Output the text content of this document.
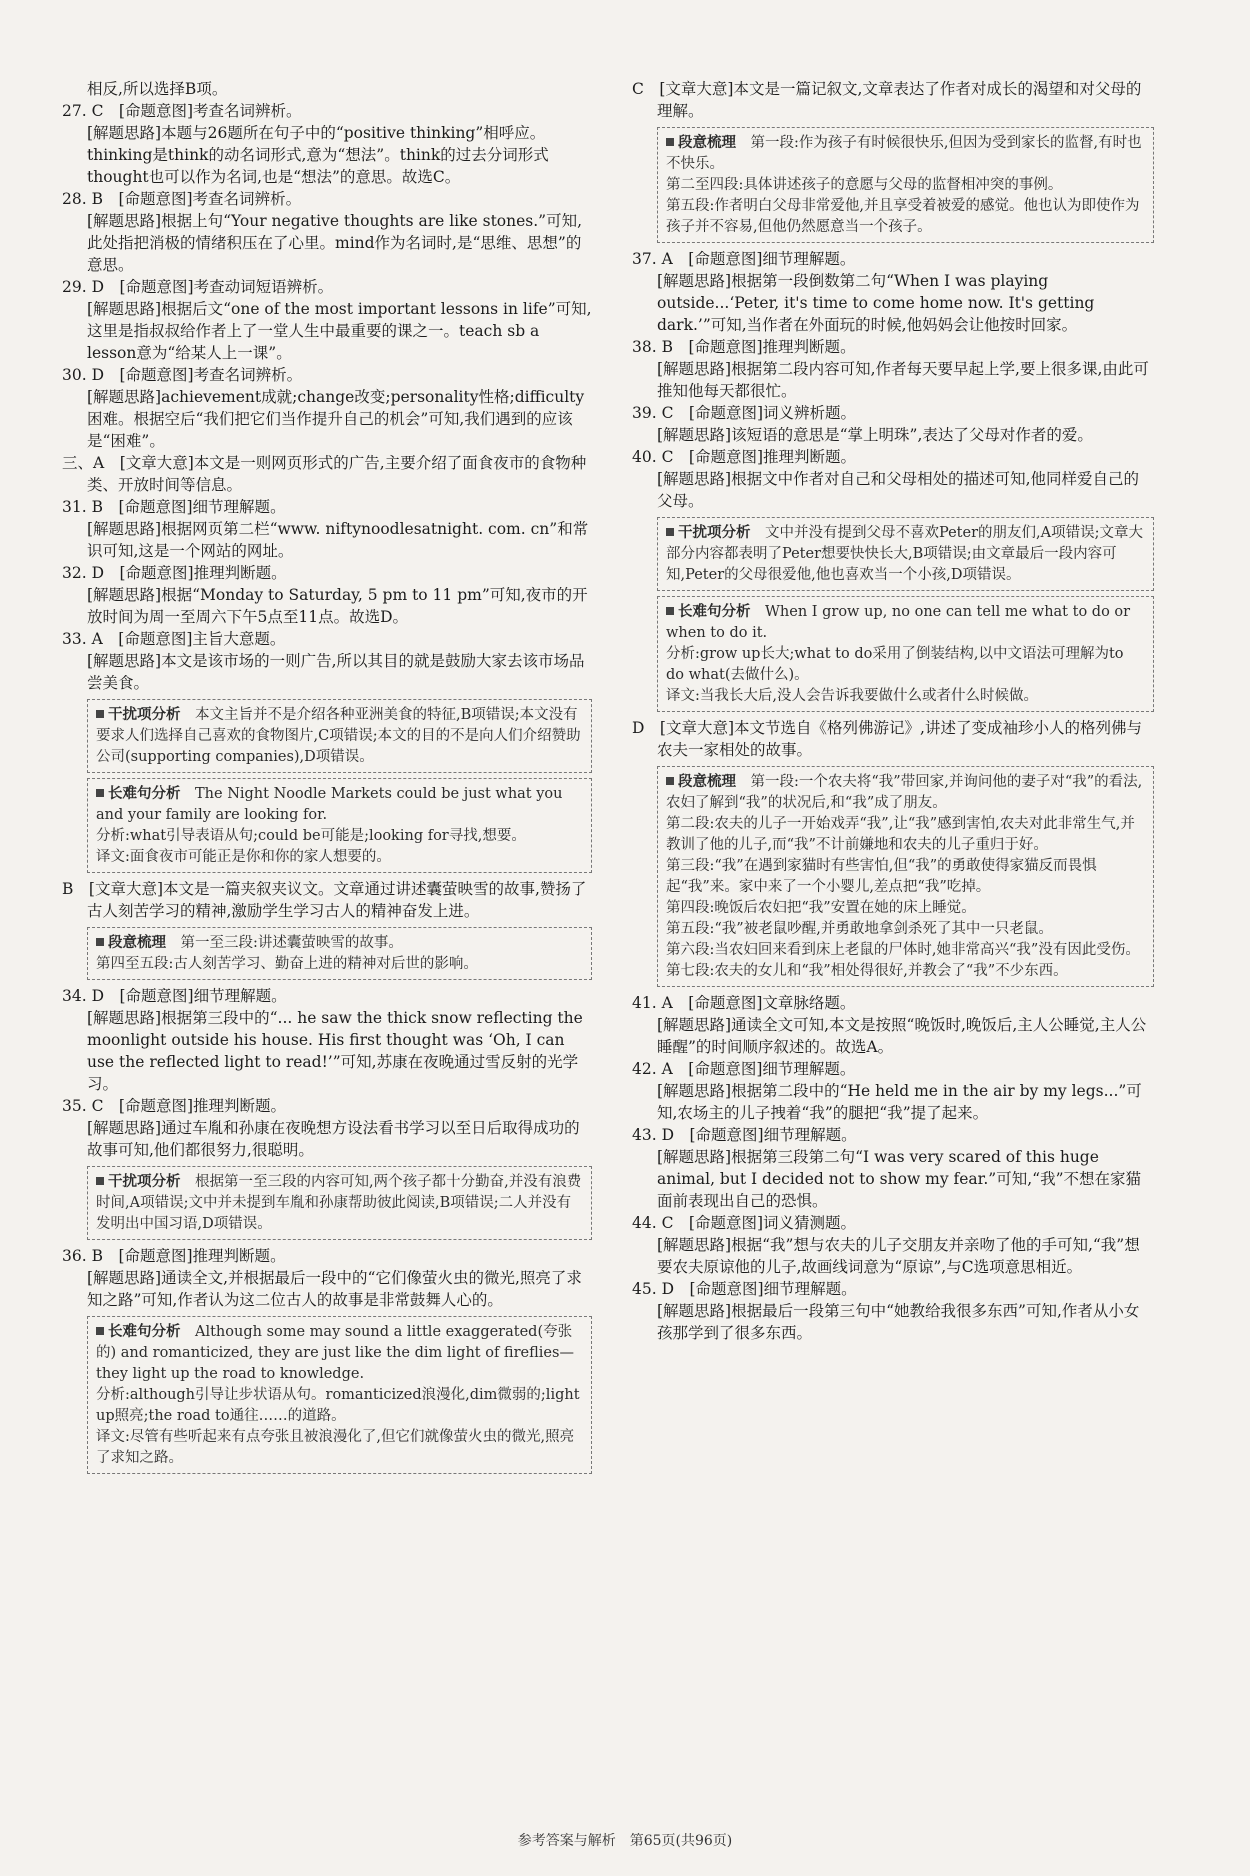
相反,所以选择B项。

27. C　[命题意图]考查名词辨析。

[解题思路]本题与26题所在句子中的“positive thinking”相呼应。thinking是think的动名词形式,意为“想法”。think的过去分词形式thought也可以作为名词,也是“想法”的意思。故选C。

28. B　[命题意图]考查名词辨析。

[解题思路]根据上句“Your negative thoughts are like stones.”可知,此处指把消极的情绪积压在了心里。mind作为名词时,是“思维、思想”的意思。

29. D　[命题意图]考查动词短语辨析。

[解题思路]根据后文“one of the most important lessons in life”可知,这里是指叔叔给作者上了一堂人生中最重要的课之一。teach sb a lesson意为“给某人上一课”。

30. D　[命题意图]考查名词辨析。

[解题思路]achievement成就;change改变;personality性格;difficulty困难。根据空后“我们把它们当作提升自己的机会”可知,我们遇到的应该是“困难”。

三、A　[文章大意]本文是一则网页形式的广告,主要介绍了面食夜市的食物种类、开放时间等信息。

31. B　[命题意图]细节理解题。

[解题思路]根据网页第二栏“www. niftynoodlesatnight. com. cn”和常识可知,这是一个网站的网址。

32. D　[命题意图]推理判断题。

[解题思路]根据“Monday to Saturday, 5 pm to 11 pm”可知,夜市的开放时间为周一至周六下午5点至11点。故选D。

33. A　[命题意图]主旨大意题。

[解题思路]本文是该市场的一则广告,所以其目的就是鼓励大家去该市场品尝美食。

干扰项分析　 本文主旨并不是介绍各种亚洲美食的特征,B项错误;本文没有要求人们选择自己喜欢的食物图片,C项错误;本文的目的不是向人们介绍赞助公司(supporting companies),D项错误。

长难句分析　 The Night Noodle Markets could be just what you and your family are looking for.

分析:what引导表语从句;could be可能是;looking for寻找,想要。

译文:面食夜市可能正是你和你的家人想要的。

B　[文章大意]本文是一篇夹叙夹议文。文章通过讲述囊萤映雪的故事,赞扬了古人刻苦学习的精神,激励学生学习古人的精神奋发上进。

段意梳理　 第一至三段:讲述囊萤映雪的故事。

第四至五段:古人刻苦学习、勤奋上进的精神对后世的影响。

34. D　[命题意图]细节理解题。

[解题思路]根据第三段中的“... he saw the thick snow reflecting the moonlight outside his house. His first thought was ‘Oh, I can use the reflected light to read!’”可知,苏康在夜晚通过雪反射的光学习。

35. C　[命题意图]推理判断题。

[解题思路]通过车胤和孙康在夜晚想方设法看书学习以至日后取得成功的故事可知,他们都很努力,很聪明。

干扰项分析　 根据第一至三段的内容可知,两个孩子都十分勤奋,并没有浪费时间,A项错误;文中并未提到车胤和孙康帮助彼此阅读,B项错误;二人并没有发明出中国习语,D项错误。

36. B　[命题意图]推理判断题。

[解题思路]通读全文,并根据最后一段中的“它们像萤火虫的微光,照亮了求知之路”可知,作者认为这二位古人的故事是非常鼓舞人心的。

长难句分析　 Although some may sound a little exaggerated(夸张的) and romanticized, they are just like the dim light of fireflies—they light up the road to knowledge.

分析:although引导让步状语从句。romanticized浪漫化,dim微弱的;light up照亮;the road to通往……的道路。

译文:尽管有些听起来有点夸张且被浪漫化了,但它们就像萤火虫的微光,照亮了求知之路。

C　[文章大意]本文是一篇记叙文,文章表达了作者对成长的渴望和对父母的理解。

段意梳理　 第一段:作为孩子有时候很快乐,但因为受到家长的监督,有时也不快乐。

第二至四段:具体讲述孩子的意愿与父母的监督相冲突的事例。

第五段:作者明白父母非常爱他,并且享受着被爱的感觉。他也认为即使作为孩子并不容易,但他仍然愿意当一个孩子。

37. A　[命题意图]细节理解题。

[解题思路]根据第一段倒数第二句“When I was playing outside...‘Peter, it's time to come home now. It's getting dark.’”可知,当作者在外面玩的时候,他妈妈会让他按时回家。

38. B　[命题意图]推理判断题。

[解题思路]根据第二段内容可知,作者每天要早起上学,要上很多课,由此可推知他每天都很忙。

39. C　[命题意图]词义辨析题。

[解题思路]该短语的意思是“掌上明珠”,表达了父母对作者的爱。

40. C　[命题意图]推理判断题。

[解题思路]根据文中作者对自己和父母相处的描述可知,他同样爱自己的父母。

干扰项分析　 文中并没有提到父母不喜欢Peter的朋友们,A项错误;文章大部分内容都表明了Peter想要快快长大,B项错误;由文章最后一段内容可知,Peter的父母很爱他,他也喜欢当一个小孩,D项错误。

长难句分析　 When I grow up, no one can tell me what to do or when to do it.

分析:grow up长大;what to do采用了倒装结构,以中文语法可理解为to do what(去做什么)。

译文:当我长大后,没人会告诉我要做什么或者什么时候做。

D　[文章大意]本文节选自《格列佛游记》,讲述了变成袖珍小人的格列佛与农夫一家相处的故事。

段意梳理　 第一段:一个农夫将“我”带回家,并询问他的妻子对“我”的看法,农妇了解到“我”的状况后,和“我”成了朋友。

第二段:农夫的儿子一开始戏弄“我”,让“我”感到害怕,农夫对此非常生气,并教训了他的儿子,而“我”不计前嫌地和农夫的儿子重归于好。

第三段:“我”在遇到家猫时有些害怕,但“我”的勇敢使得家猫反而畏惧起“我”来。家中来了一个小婴儿,差点把“我”吃掉。

第四段:晚饭后农妇把“我”安置在她的床上睡觉。

第五段:“我”被老鼠吵醒,并勇敢地拿剑杀死了其中一只老鼠。

第六段:当农妇回来看到床上老鼠的尸体时,她非常高兴“我”没有因此受伤。

第七段:农夫的女儿和“我”相处得很好,并教会了“我”不少东西。

41. A　[命题意图]文章脉络题。

[解题思路]通读全文可知,本文是按照“晚饭时,晚饭后,主人公睡觉,主人公睡醒”的时间顺序叙述的。故选A。

42. A　[命题意图]细节理解题。

[解题思路]根据第二段中的“He held me in the air by my legs...”可知,农场主的儿子拽着“我”的腿把“我”提了起来。

43. D　[命题意图]细节理解题。

[解题思路]根据第三段第二句“I was very scared of this huge animal, but I decided not to show my fear.”可知,“我”不想在家猫面前表现出自己的恐惧。

44. C　[命题意图]词义猜测题。

[解题思路]根据“我”想与农夫的儿子交朋友并亲吻了他的手可知,“我”想要农夫原谅他的儿子,故画线词意为“原谅”,与C选项意思相近。

45. D　[命题意图]细节理解题。

[解题思路]根据最后一段第三句中“她教给我很多东西”可知,作者从小女孩那学到了很多东西。

参考答案与解析　第65页(共96页)
